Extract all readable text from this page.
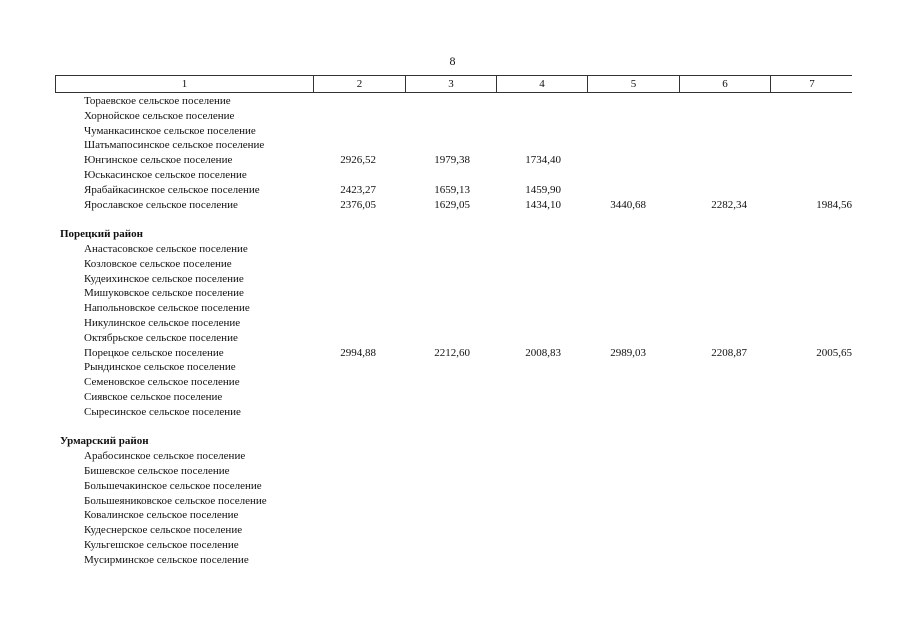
8
1	2	3	4	5	6	7
Тораевское сельское поселение
Хорнойское сельское поселение
Чуманкасинское сельское поселение
Шатьмапосинское сельское поселение
Юнгинское сельское поселение	2926,52	1979,38	1734,40
Юськасинское сельское поселение
Ярабайкасинское сельское поселение	2423,27	1659,13	1459,90
Ярославское сельское поселение	2376,05	1629,05	1434,10	3440,68	2282,34	1984,56
Порецкий район
Анастасовское сельское поселение
Козловское сельское поселение
Кудеихинское сельское поселение
Мишуковское сельское поселение
Напольновское сельское поселение
Никулинское сельское поселение
Октябрьское сельское поселение
Порецкое сельское поселение	2994,88	2212,60	2008,83	2989,03	2208,87	2005,65
Рындинское сельское поселение
Семеновское сельское поселение
Сиявское сельское поселение
Сыресинское сельское поселение
Урмарский район
Арабосинское сельское поселение
Бишевское сельское поселение
Большечакинское сельское поселение
Большеяниковское сельское поселение
Ковалинское сельское поселение
Кудеснерское сельское поселение
Кульгешское сельское поселение
Мусирминское сельское поселение
